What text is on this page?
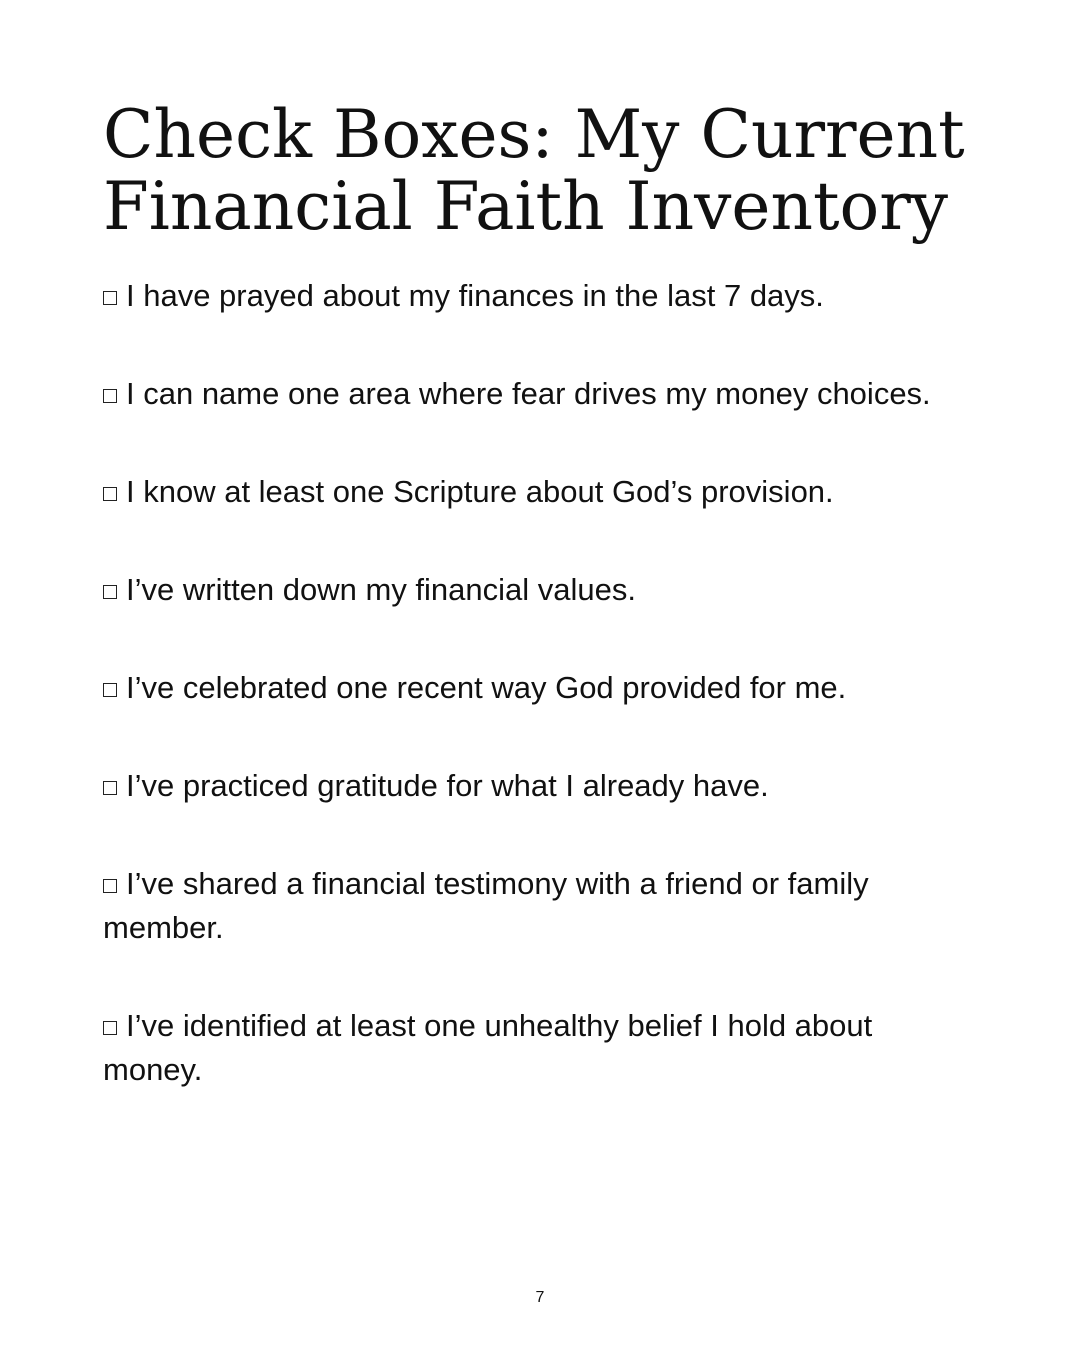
Check Boxes: My Current Financial Faith Inventory
I have prayed about my finances in the last 7 days.
I can name one area where fear drives my money choices.
I know at least one Scripture about God’s provision.
I’ve written down my financial values.
I’ve celebrated one recent way God provided for me.
I’ve practiced gratitude for what I already have.
I’ve shared a financial testimony with a friend or family member.
I’ve identified at least one unhealthy belief I hold about money.
7
